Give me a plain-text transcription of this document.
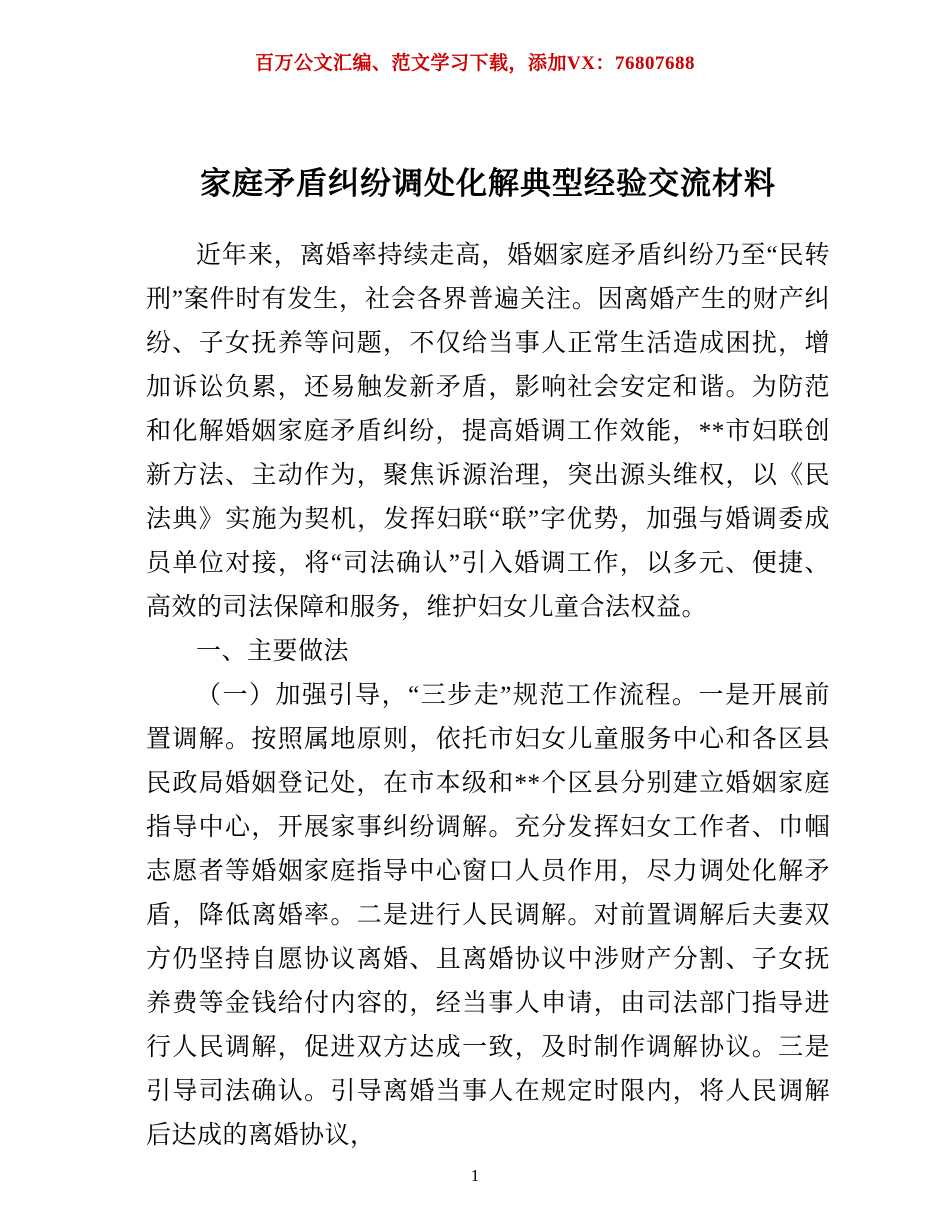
百万公文汇编、范文学习下载，添加VX：76807688
家庭矛盾纠纷调处化解典型经验交流材料

近年来，离婚率持续走高，婚姻家庭矛盾纠纷乃至“民转刑”案件时有发生，社会各界普遍关注。因离婚产生的财产纠纷、子女抚养等问题，不仅给当事人正常生活造成困扰，增加诉讼负累，还易触发新矛盾，影响社会安定和谐。为防范和化解婚姻家庭矛盾纠纷，提高婚调工作效能，**市妇联创新方法、主动作为，聚焦诉源治理，突出源头维权，以《民法典》实施为契机，发挥妇联“联”字优势，加强与婚调委成员单位对接，将“司法确认”引入婚调工作，以多元、便捷、高效的司法保障和服务，维护妇女儿童合法权益。

一、主要做法

（一）加强引导，“三步走”规范工作流程。一是开展前置调解。按照属地原则，依托市妇女儿童服务中心和各区县民政局婚姻登记处，在市本级和**个区县分别建立婚姻家庭指导中心，开展家事纠纷调解。充分发挥妇女工作者、巾帼志愿者等婚姻家庭指导中心窗口人员作用，尽力调处化解矛盾，降低离婚率。二是进行人民调解。对前置调解后夫妻双方仍坚持自愿协议离婚、且离婚协议中涉财产分割、子女抚养费等金钱给付内容的，经当事人申请，由司法部门指导进行人民调解，促进双方达成一致，及时制作调解协议。三是引导司法确认。引导离婚当事人在规定时限内，将人民调解后达成的离婚协议，

1
